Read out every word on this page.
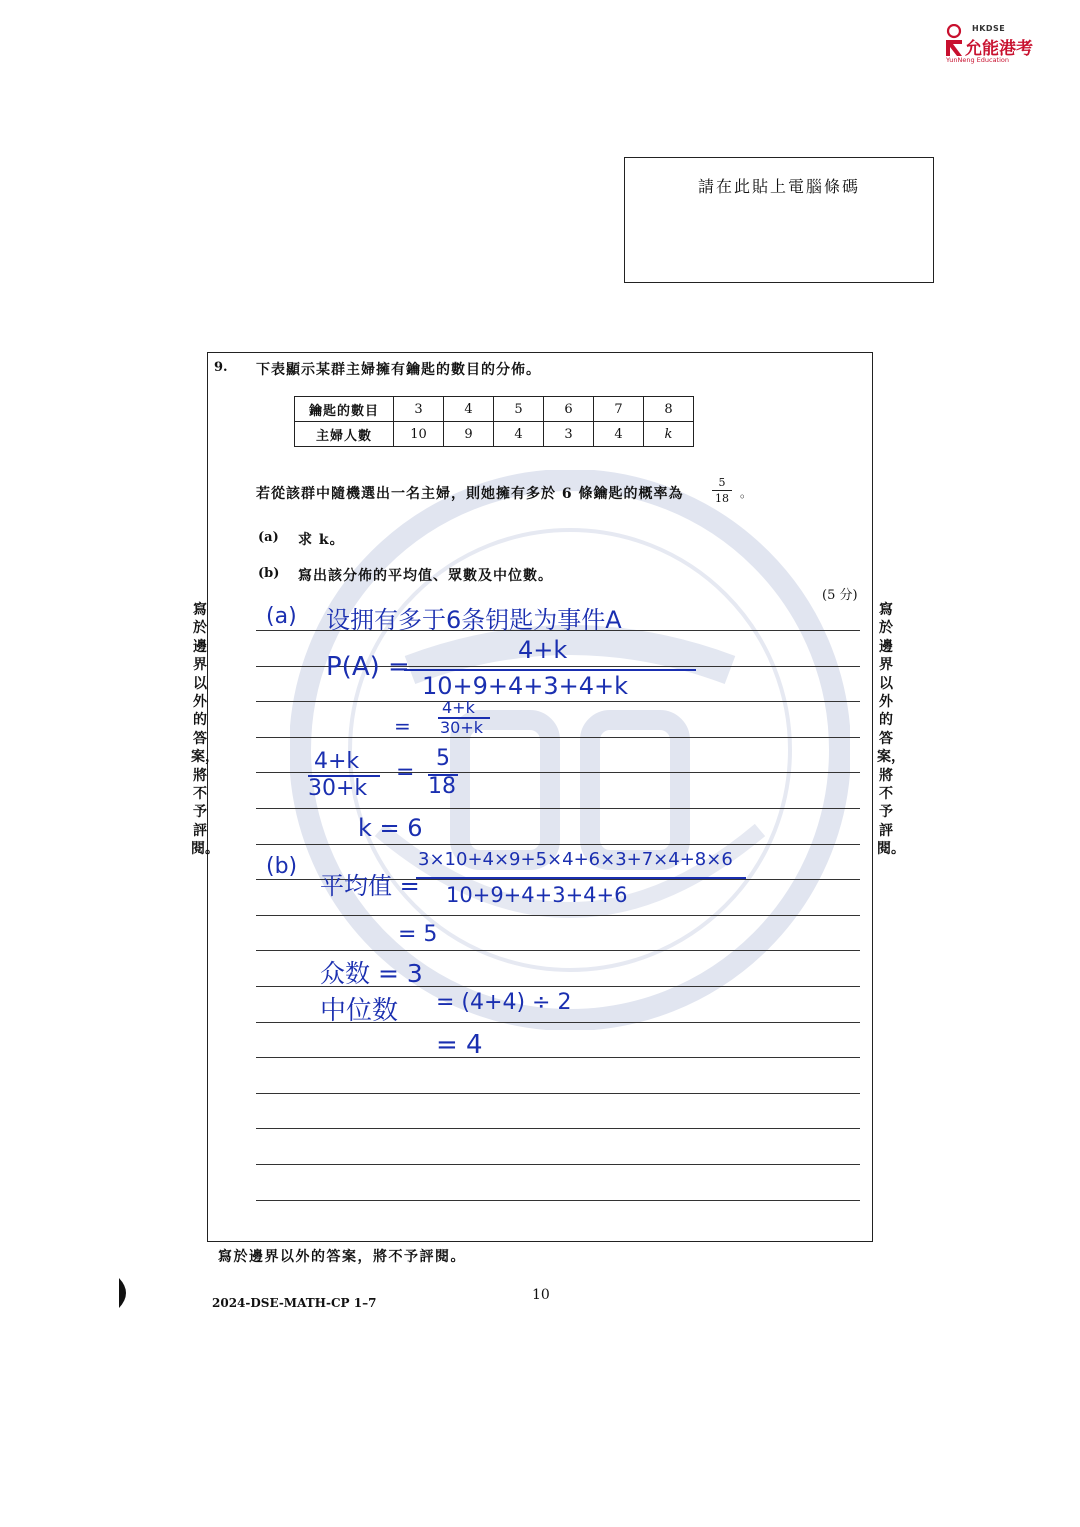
HKDSE
允能港考
YunNeng Education
請在此貼上電腦條碼
9. 下表顯示某群主婦擁有鑰匙的數目的分佈。
鑰匙的數目	3	4	5	6	7	8
主婦人數	10	9	4	3	4	k
若從該群中隨機選出一名主婦，則她擁有多於 6 條鑰匙的概率為	$\frac{5}{18}$ 。
(a) 求 k。
(b) 寫出該分佈的平均值、眾數及中位數。
(5 分)
寫於邊界以外的答案，將不予評閱。
寫於邊界以外的答案，將不予評閱。
(a) 设拥有多于6条钥匙为事件A
P(A) =
4+k
10+9+4+3+4+k
=
4+k
30+k
4+k
30+k
=
5
18
k = 6
(b)
平均值 =
3×10+4×9+5×4+6×3+7×4+8×6
10+9+4+3+4+6
= 5
众数 = 3
中位数 = (4+4) ÷ 2
= 4
寫於邊界以外的答案，將不予評閱。
10
2024-DSE-MATH-CP 1–7
